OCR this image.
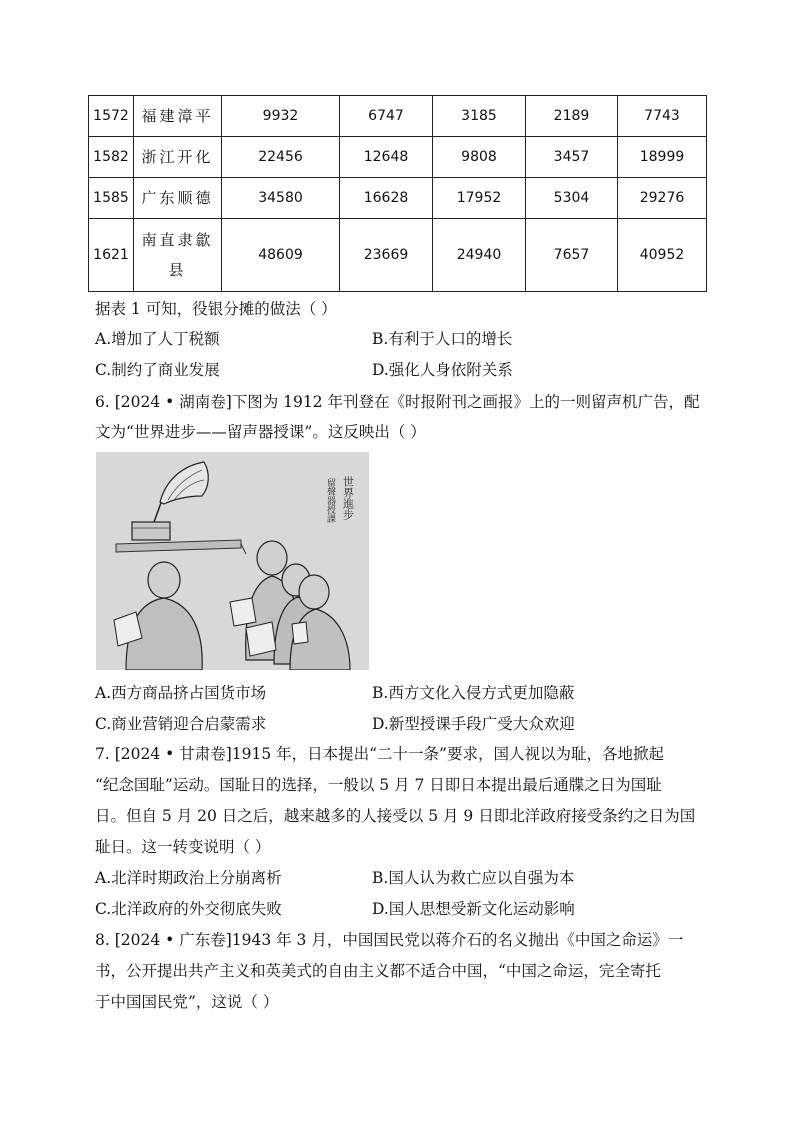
1572	福建漳平	9932	6747	3185	2189	7743
1582	浙江开化	22456	12648	9808	3457	18999
1585	广东顺德	34580	16628	17952	5304	29276
1621	南直隶歙县	48609	23669	24940	7657	40952
据表 1 可知，役银分摊的做法（ ）
A.增加了人丁税额	B.有利于人口的增长
C.制约了商业发展	D.强化人身依附关系
6. [2024 • 湖南卷]下图为 1912 年刊登在《时报附刊之画报》上的一则留声机广告，配
文为“世界进步——留声器授课”。这反映出（ ）
世界進步
留聲器授課
A.西方商品挤占国货市场	B.西方文化入侵方式更加隐蔽
C.商业营销迎合启蒙需求	D.新型授课手段广受大众欢迎
7. [2024 • 甘肃卷]1915 年，日本提出“二十一条”要求，国人视以为耻，各地掀起
“纪念国耻”运动。国耻日的选择，一般以 5 月 7 日即日本提出最后通牒之日为国耻
日。但自 5 月 20 日之后，越来越多的人接受以 5 月 9 日即北洋政府接受条约之日为国
耻日。这一转变说明（ ）
A.北洋时期政治上分崩离析	B.国人认为救亡应以自强为本
C.北洋政府的外交彻底失败	D.国人思想受新文化运动影响
8. [2024 • 广东卷]1943 年 3 月，中国国民党以蒋介石的名义抛出《中国之命运》一
书，公开提出共产主义和英美式的自由主义都不适合中国，“中国之命运，完全寄托
于中国国民党”，这说（ ）
